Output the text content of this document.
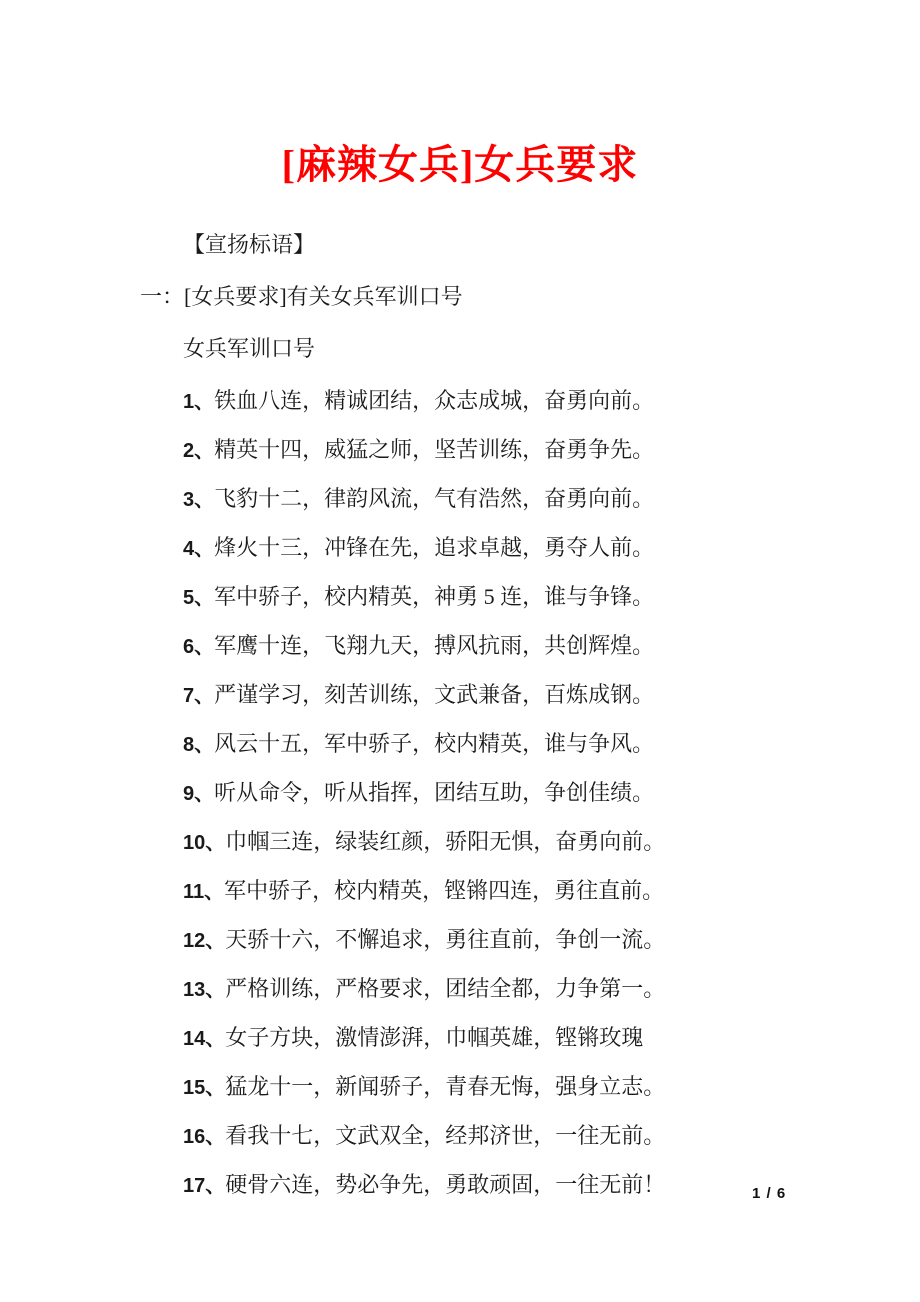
[麻辣女兵]女兵要求

【宣扬标语】

一：[女兵要求]有关女兵军训口号

女兵军训口号

1、铁血八连，精诚团结，众志成城，奋勇向前。

2、精英十四，威猛之师，坚苦训练，奋勇争先。

3、飞豹十二，律韵风流，气有浩然，奋勇向前。

4、烽火十三，冲锋在先，追求卓越，勇夺人前。

5、军中骄子，校内精英，神勇 5 连，谁与争锋。

6、军鹰十连，飞翔九天，搏风抗雨，共创辉煌。

7、严谨学习，刻苦训练，文武兼备，百炼成钢。

8、风云十五，军中骄子，校内精英，谁与争风。

9、听从命令，听从指挥，团结互助，争创佳绩。

10、巾帼三连，绿装红颜，骄阳无惧，奋勇向前。

11、军中骄子，校内精英，铿锵四连，勇往直前。

12、天骄十六，不懈追求，勇往直前，争创一流。

13、严格训练，严格要求，团结全都，力争第一。

14、女子方块，激情澎湃，巾帼英雄，铿锵玫瑰

15、猛龙十一，新闻骄子，青春无悔，强身立志。

16、看我十七，文武双全，经邦济世，一往无前。

17、硬骨六连，势必争先，勇敢顽固，一往无前！	1 / 6
